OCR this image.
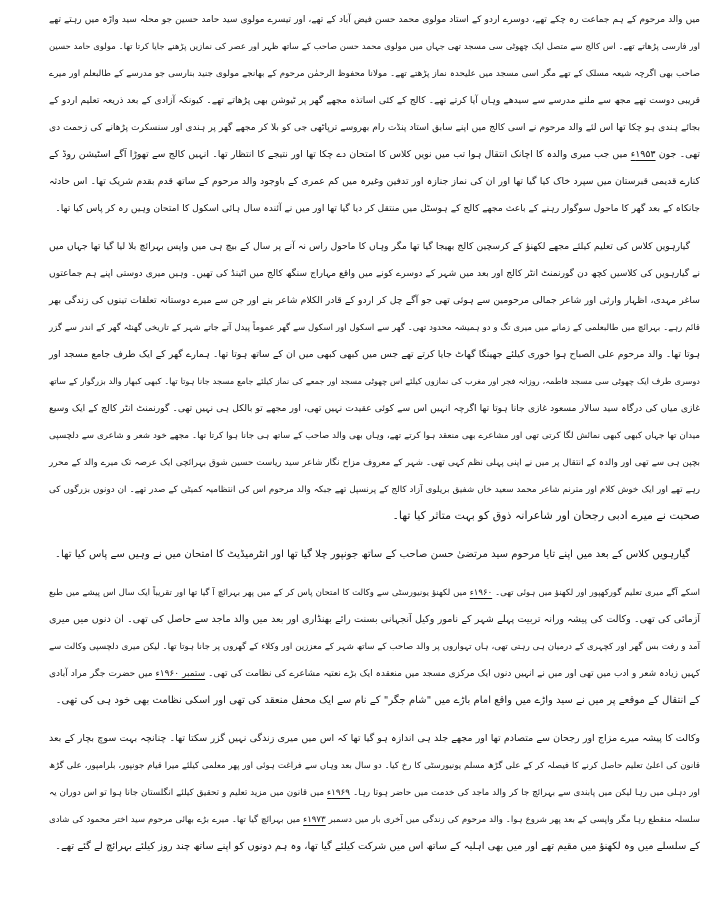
میں والد مرحوم کے ہم جماعت رہ چکے تھے، دوسرے اردو کے استاد مولوی محمد حسن فیض آباد کے تھے، اور تیسرے مولوی سید حامد حسین جو محلہ سید واڑہ میں رہتے تھے
اور فارسی پڑھاتے تھے۔ اس کالج سے متصل ایک چھوٹی سی مسجد تھی جہاں میں مولوی محمد حسن صاحب کے ساتھ ظہر اور عصر کی نمازیں پڑھنے جایا کرتا تھا۔ مولوی حامد حسین
صاحب بھی اگرچہ شیعہ مسلک کے تھے مگر اسی مسجد میں علیحدہ نماز پڑھتے تھے۔ مولانا محفوظ الرحمٰن مرحوم کے بھانجے مولوی جنید بنارسی جو مدرسے کے طالبعلم اور میرے
قریبی دوست تھے مجھ سے ملنے مدرسے سے سیدھے وہاں آیا کرتے تھے۔ کالج کے کئی اساتذہ مجھے گھر پر ٹیوشن بھی پڑھاتے تھے۔ کیونکہ آزادی کے بعد ذریعہ تعلیم اردو کے
بجائے ہندی ہو چکا تھا اس لئے والد مرحوم نے اسی کالج میں اپنے سابق استاد پنڈت رام بھروسے ترپاٹھی جی کو بلا کر مجھے گھر پر ہندی اور سنسکرت پڑھانے کی زحمت دی
تھی۔ جون ۱۹۵۳ء میں جب میری والدہ کا اچانک انتقال ہوا تب میں نویں کلاس کا امتحان دے چکا تھا اور نتیجے کا انتظار تھا۔ انہیں کالج سے تھوڑا آگے اسٹیشن روڈ کے
کنارے قدیمی قبرستان میں سپرد خاک کیا گیا تھا اور ان کی نماز جنازہ اور تدفین وغیرہ میں کم عمری کے باوجود والد مرحوم کے ساتھ قدم بقدم شریک تھا۔ اس حادثہ
جانکاہ کے بعد گھر کا ماحول سوگوار رہنے کے باعث مجھے کالج کے ہوسٹل میں منتقل کر دیا گیا تھا اور میں نے آئندہ سال ہائی اسکول کا امتحان وہیں رہ کر پاس کیا تھا۔
گیارہویں کلاس کی تعلیم کیلئے مجھے لکھنؤ کے کرسچین کالج بھیجا گیا تھا مگر وہاں کا ماحول راس نہ آنے پر سال کے بیچ ہی میں واپس بہرائچ بلا لیا گیا تھا جہاں میں
نے گیارہویں کی کلاسیں کچھ دن گورنمنٹ انٹر کالج اور بعد میں شہر کے دوسرے کونے میں واقع مہاراج سنگھ کالج میں اٹینڈ کی تھیں۔ وہیں میری دوستی اپنے ہم جماعتوں
ساغر مہدی، اظہار وارثی اور شاعر جمالی مرحومین سے ہوئی تھی جو آگے چل کر اردو کے قادر الکلام شاعر بنے اور جن سے میرے دوستانہ تعلقات تینوں کی زندگی بھر
قائم رہے۔ بہرائچ میں طالبعلمی کے زمانے میں میری تگ و دو ہمیشہ محدود تھی۔ گھر سے اسکول اور اسکول سے گھر عموماً پیدل آتے جاتے شہر کے تاریخی گھنٹہ گھر کے اندر سے گزر
ہوتا تھا۔ والد مرحوم علی الصباح ہوا خوری کیلئے جھینگا گھاٹ جایا کرتے تھے جس میں کبھی کبھی میں ان کے ساتھ ہوتا تھا۔ ہمارے گھر کے ایک طرف جامع مسجد اور
دوسری طرف ایک چھوٹی سی مسجد فاطمہ، روزانہ فجر اور مغرب کی نمازوں کیلئے اس چھوٹی مسجد اور جمعے کی نماز کیلئے جامع مسجد جانا ہوتا تھا۔ کبھی کبھار والد بزرگوار کے ساتھ
غازی میاں کی درگاہ سید سالار مسعود غازی جانا ہوتا تھا اگرچہ انہیں اس سے کوئی عقیدت نہیں تھی، اور مجھے تو بالکل ہی نہیں تھی۔ گورنمنٹ انٹر کالج کے ایک وسیع
میدان تھا جہاں کبھی کبھی نمائش لگا کرتی تھی اور مشاعرے بھی منعقد ہوا کرتے تھے، وہاں بھی والد صاحب کے ساتھ ہی جانا ہوا کرتا تھا۔ مجھے خود شعر و شاعری سے دلچسپی
بچپن ہی سے تھی اور والدہ کے انتقال پر میں نے اپنی پہلی نظم کہی تھی۔ شہر کے معروف مزاح نگار شاعر سید ریاست حسین شوق بہرائچی ایک عرصہ تک میرے والد کے محرر
رہے تھے اور ایک خوش کلام اور مترنم شاعر محمد سعید خاں شفیق بریلوی آزاد کالج کے پرنسپل تھے جبکہ والد مرحوم اس کی انتظامیہ کمیٹی کے صدر تھے۔ ان دونوں بزرگوں کی
صحبت نے میرے ادبی رجحان اور شاعرانہ ذوق کو بہت متاثر کیا تھا۔
گیارہویں کلاس کے بعد میں اپنے تایا مرحوم سید مرتضیٰ حسن صاحب کے ساتھ جونپور چلا گیا تھا اور انٹرمیڈیٹ کا امتحان میں نے وہیں سے پاس کیا تھا۔
اسکے آگے میری تعلیم گورکھپور اور لکھنؤ میں ہوئی تھی۔ ۱۹۶۰ء میں لکھنؤ یونیورسٹی سے وکالت کا امتحان پاس کر کے میں پھر بہرائچ آ گیا تھا اور تقریباً ایک سال اس پیشے میں طبع
آزمائی کی تھی۔ وکالت کی پیشہ ورانہ تربیت پہلے شہر کے نامور وکیل آنجہانی بسنت رائے بھنڈاری اور بعد میں والد ماجد سے حاصل کی تھی۔ ان دنوں میں میری
آمد و رفت بس گھر اور کچہری کے درمیان ہی رہتی تھی، ہاں تہواروں پر والد صاحب کے ساتھ شہر کے معززین اور وکلاء کے گھروں پر جانا ہوتا تھا۔ لیکن میری دلچسپی وکالت سے
کہیں زیادہ شعر و ادب میں تھی اور میں نے انہیں دنوں ایک مرکزی مسجد میں منعقدہ ایک بڑے نعتیہ مشاعرے کی نظامت کی تھی۔ ستمبر ۱۹۶۰ء میں حضرت جگر مراد آبادی
کے انتقال کے موقعے پر میں نے سید واڑے میں واقع امام باڑے میں "شام جگر" کے نام سے ایک محفل منعقد کی تھی اور اسکی نظامت بھی خود ہی کی تھی۔
وکالت کا پیشہ میرے مزاج اور رجحان سے متصادم تھا اور مجھے جلد ہی اندازہ ہو گیا تھا کہ اس میں میری زندگی نہیں گزر سکتا تھا۔ چنانچہ بہت سوچ بچار کے بعد
قانون کی اعلیٰ تعلیم حاصل کرنے کا فیصلہ کر کے علی گڑھ مسلم یونیورسٹی کا رخ کیا۔ دو سال بعد وہاں سے فراغت ہوئی اور پھر معلمی کیلئے میرا قیام جونپور، بلرامپور، علی گڑھ
اور دہلی میں رہا لیکن میں پابندی سے بہرائچ جا کر والد ماجد کی خدمت میں حاضر ہوتا رہا۔ ۱۹۶۹ء میں قانون میں مزید تعلیم و تحقیق کیلئے انگلستان جانا ہوا تو اس دوران یہ
سلسلہ منقطع رہا مگر واپسی کے بعد پھر شروع ہوا۔ والد مرحوم کی زندگی میں آخری بار میں دسمبر ۱۹۷۳ء میں بہرائچ گیا تھا۔ میرے بڑے بھائی مرحوم سید اختر محمود کی شادی
کے سلسلے میں وہ لکھنؤ میں مقیم تھے اور میں بھی اہلیہ کے ساتھ اس میں شرکت کیلئے گیا تھا، وہ ہم دونوں کو اپنے ساتھ چند روز کیلئے بہرائچ لے گئے تھے۔
